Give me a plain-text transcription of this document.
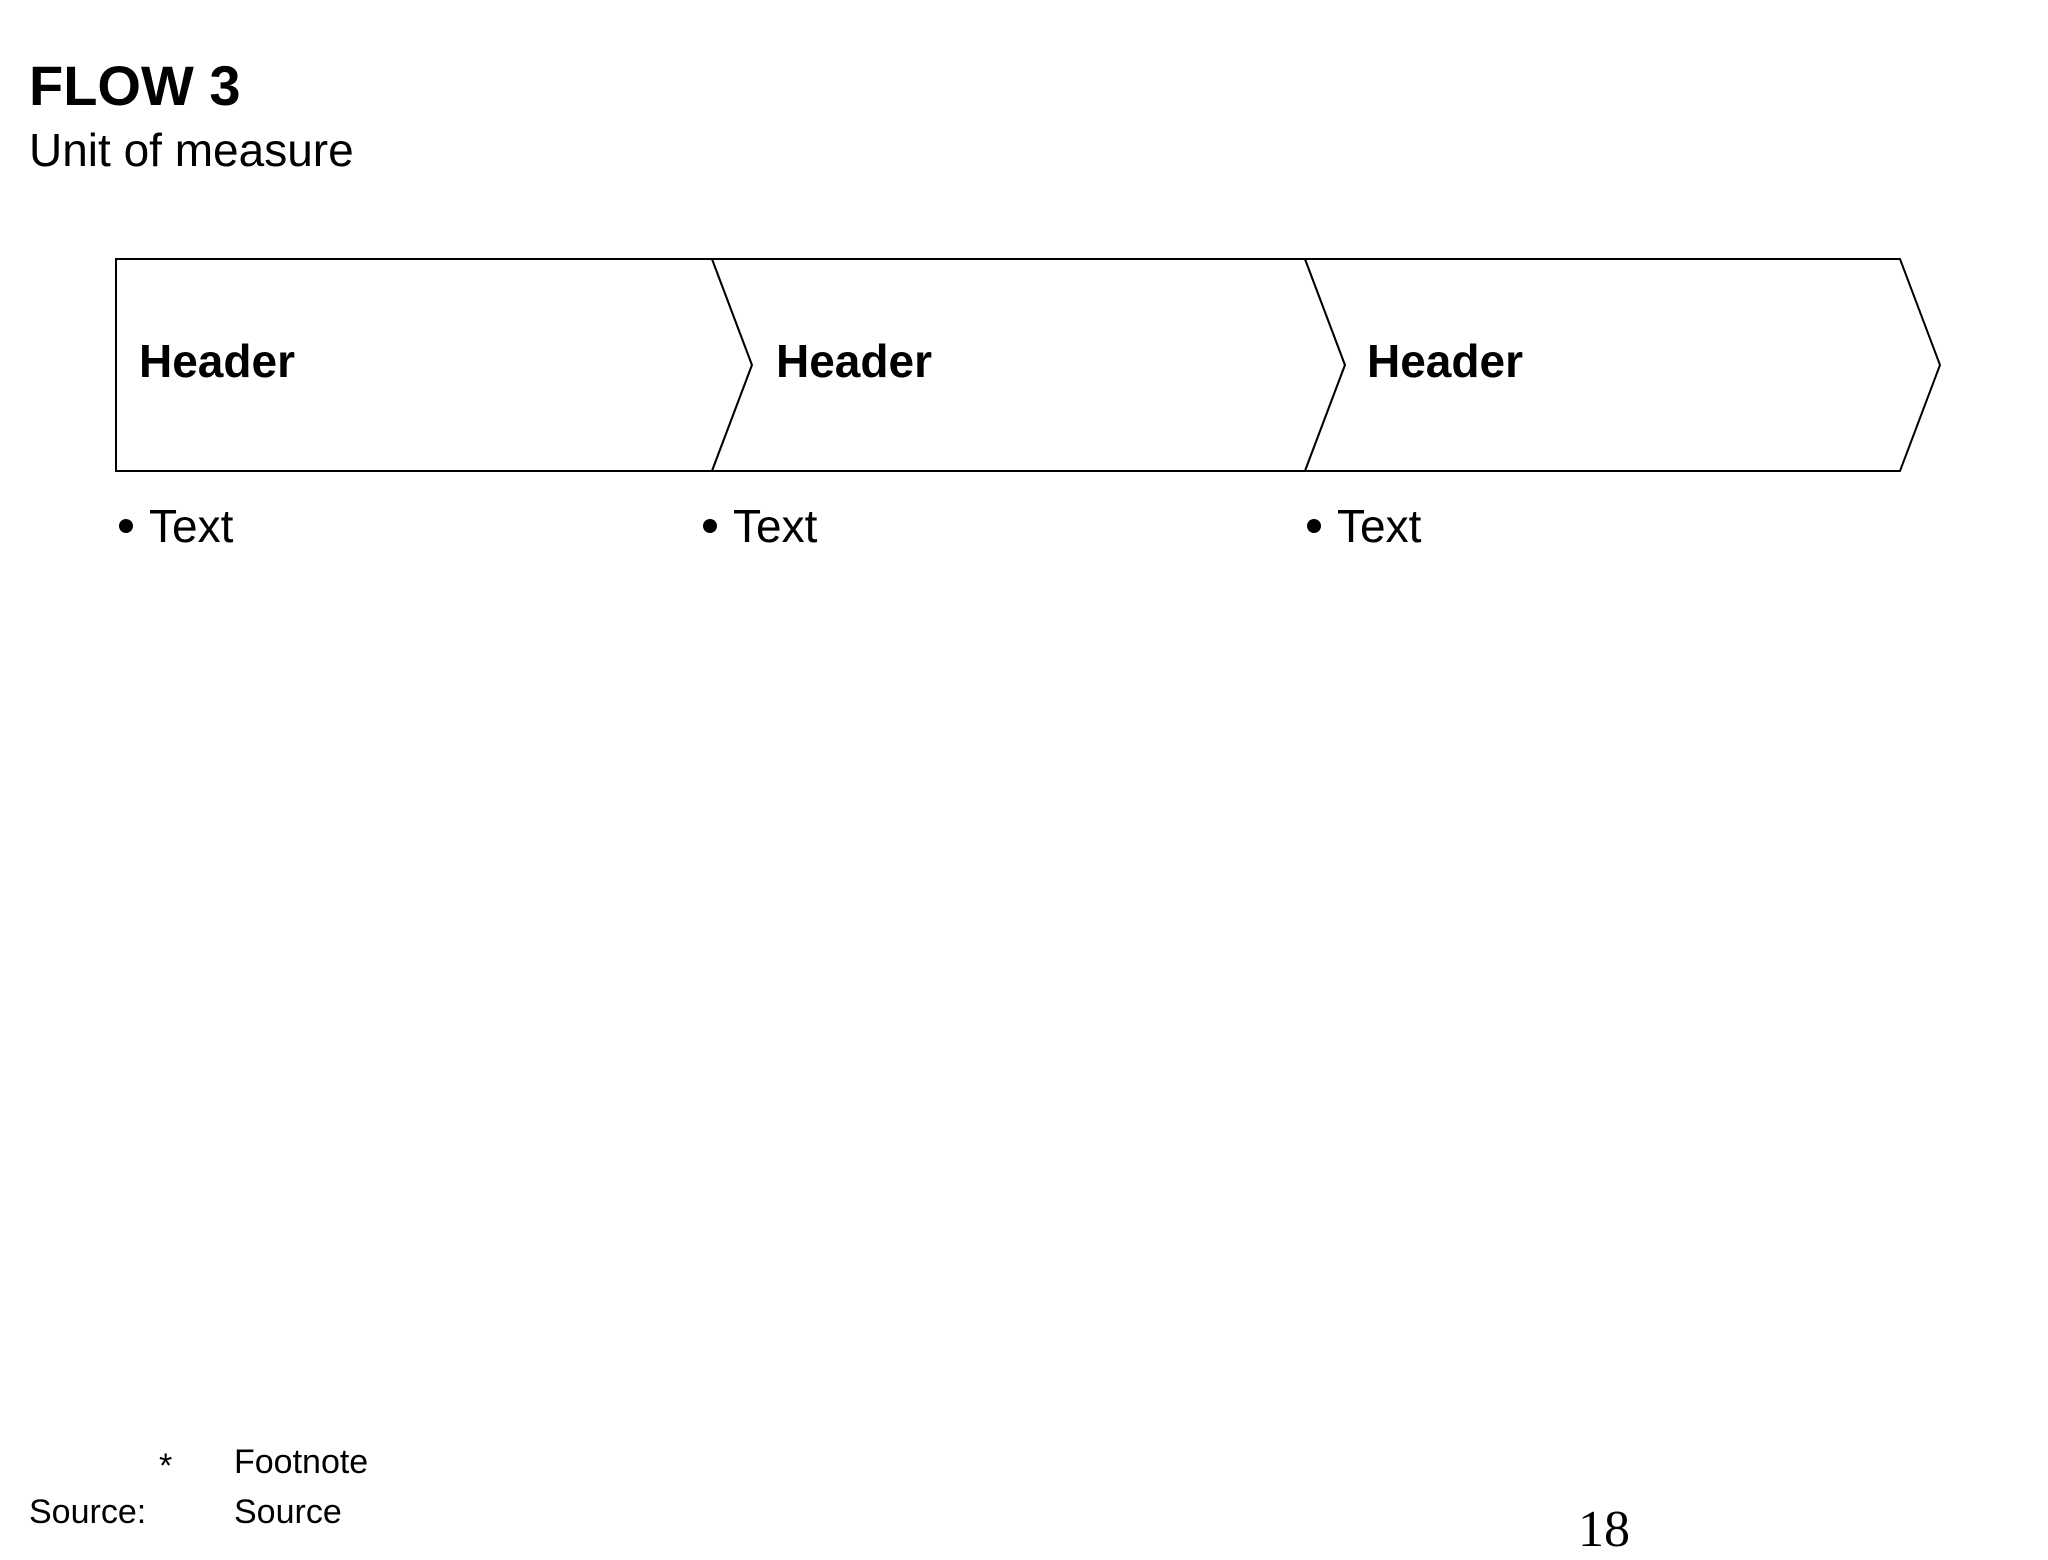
FLOW 3
Unit of measure
Header	Header	Header
Text	Text	Text
* Footnote
Source:	Source	18
